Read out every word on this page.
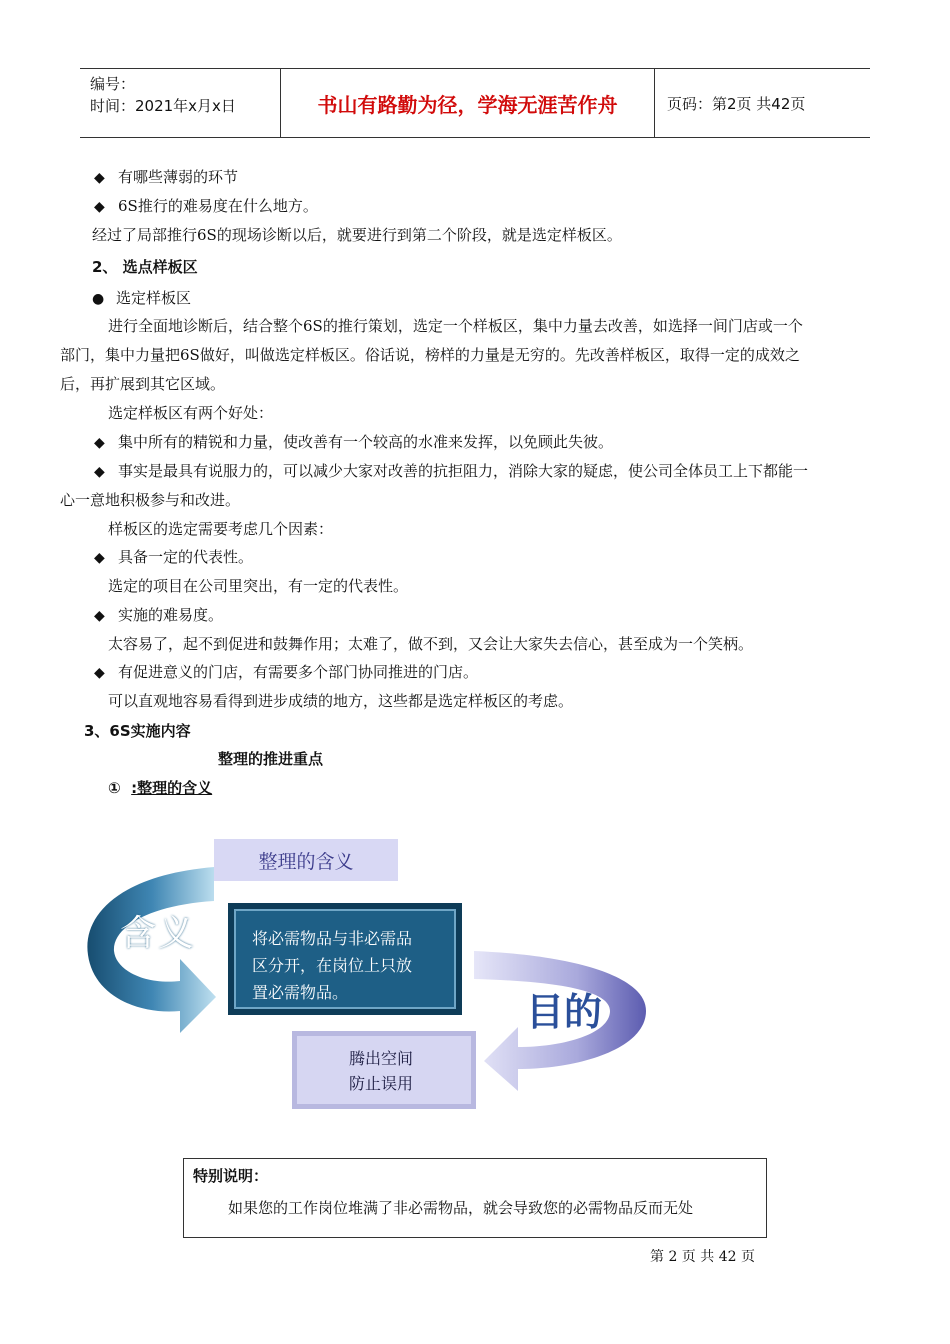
编号：
时间：2021年x月x日	书山有路勤为径，学海无涯苦作舟	页码：第2页 共42页
◆ 有哪些薄弱的环节
◆ 6S推行的难易度在什么地方。
经过了局部推行6S的现场诊断以后，就要进行到第二个阶段，就是选定样板区。
2、 选点样板区
● 选定样板区
进行全面地诊断后，结合整个6S的推行策划，选定一个样板区，集中力量去改善，如选择一间门店或一个
部门，集中力量把6S做好，叫做选定样板区。俗话说，榜样的力量是无穷的。先改善样板区，取得一定的成效之
后，再扩展到其它区域。
选定样板区有两个好处：
◆ 集中所有的精锐和力量，使改善有一个较高的水准来发挥，以免顾此失彼。
◆ 事实是最具有说服力的，可以减少大家对改善的抗拒阻力，消除大家的疑虑，使公司全体员工上下都能一
心一意地积极参与和改进。
样板区的选定需要考虑几个因素：
◆ 具备一定的代表性。
选定的项目在公司里突出，有一定的代表性。
◆ 实施的难易度。
太容易了，起不到促进和鼓舞作用；太难了，做不到，又会让大家失去信心，甚至成为一个笑柄。
◆ 有促进意义的门店，有需要多个部门协同推进的门店。
可以直观地容易看得到进步成绩的地方，这些都是选定样板区的考虑。
3、6S实施内容
整理的推进重点
① :整理的含义
整理的含义
含义	将必需物品与非必需品
区分开，在岗位上只放
置必需物品。	目的
腾出空间
防止误用
特别说明：
如果您的工作岗位堆满了非必需物品，就会导致您的必需物品反而无处
第 2 页 共 42 页
